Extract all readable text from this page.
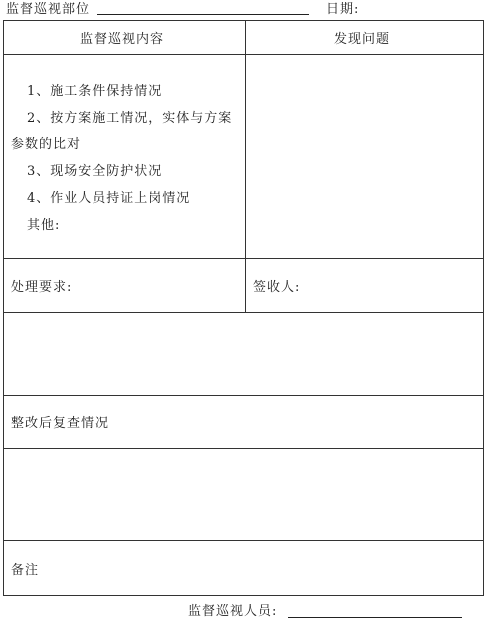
监督巡视部位	日期:
监督巡视内容	发现问题
1、施工条件保持情况
2、按方案施工情况，实体与方案
参数的比对
3、现场安全防护状况
4、作业人员持证上岗情况
其他:
处理要求:	签收人:
整改后复查情况
备注
监督巡视人员:
